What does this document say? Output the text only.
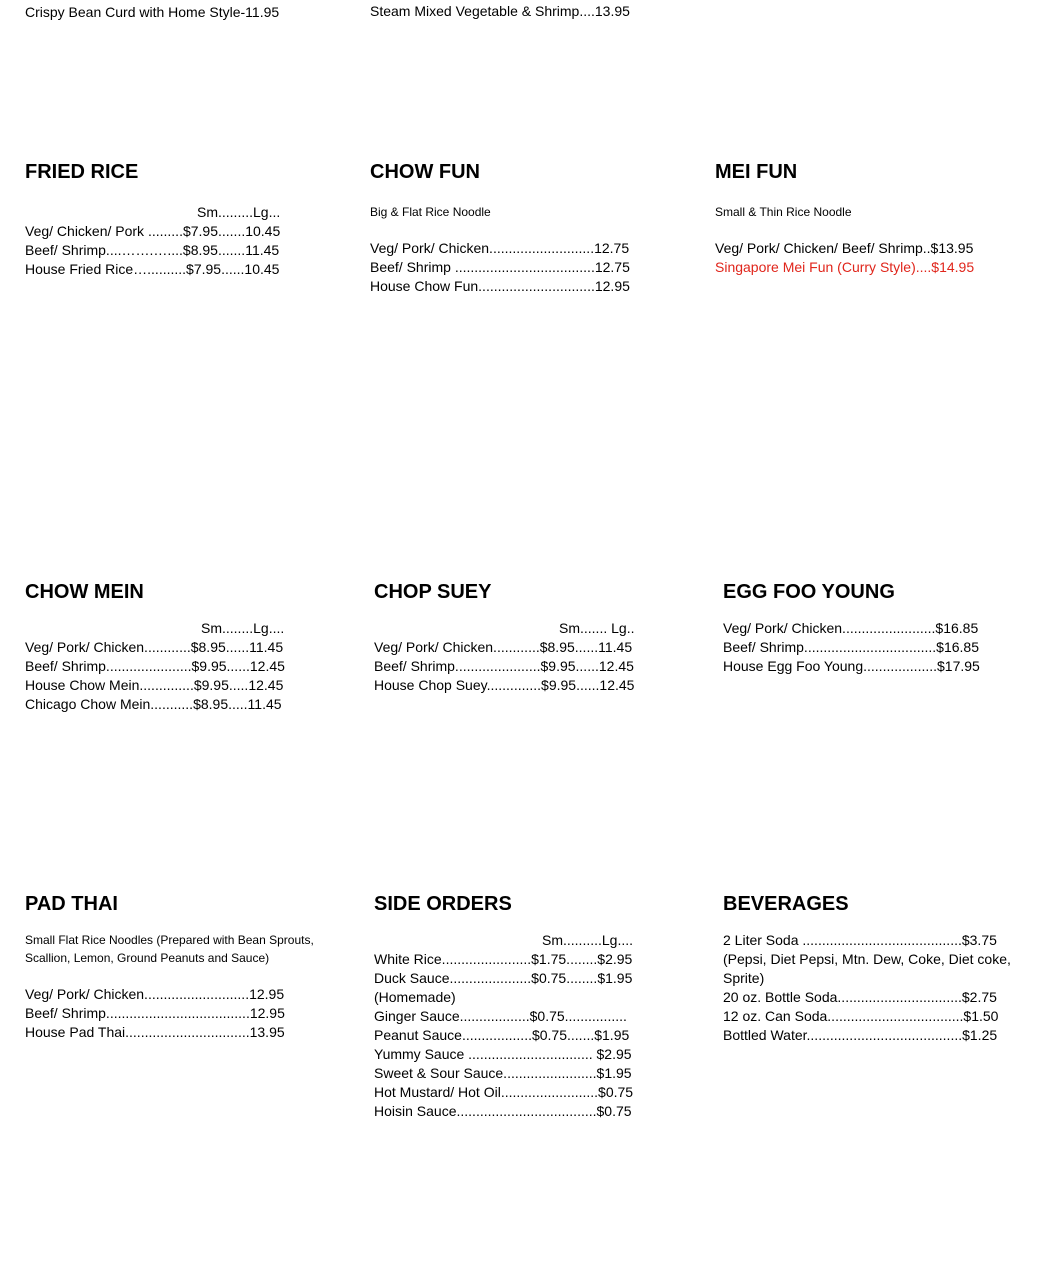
Crispy Bean Curd with Home Style-11.95	Steam Mixed Vegetable & Shrimp....13.95

FRIED RICE

Sm.........Lg...

Veg/ Chicken/ Pork .........$7.95.......10.45

Beef/ Shrimp....…….…....$8.95.......11.45

House Fried Rice…..........$7.95......10.45

CHOW FUN

Big & Flat Rice Noodle

Veg/ Pork/ Chicken...........................12.75

Beef/ Shrimp ....................................12.75

House Chow Fun..............................12.95

MEI FUN

Small & Thin Rice Noodle

Veg/ Pork/ Chicken/ Beef/ Shrimp..$13.95

Singapore Mei Fun (Curry Style)....$14.95

CHOW MEIN

Sm........Lg....

Veg/ Pork/ Chicken............$8.95......11.45

Beef/ Shrimp......................$9.95......12.45

House Chow Mein..............$9.95.....12.45

Chicago Chow Mein...........$8.95.....11.45

CHOP SUEY

Sm....... Lg..

Veg/ Pork/ Chicken............$8.95......11.45

Beef/ Shrimp......................$9.95......12.45

House Chop Suey..............$9.95......12.45

EGG FOO YOUNG

Veg/ Pork/ Chicken........................$16.85

Beef/ Shrimp..................................$16.85

House Egg Foo Young...................$17.95

PAD THAI

Small Flat Rice Noodles (Prepared with Bean Sprouts, Scallion, Lemon, Ground Peanuts and Sauce)

Veg/ Pork/ Chicken...........................12.95

Beef/ Shrimp.....................................12.95

House Pad Thai................................13.95

SIDE ORDERS

Sm..........Lg....

White Rice.......................$1.75........$2.95

Duck Sauce.....................$0.75........$1.95

(Homemade)

Ginger Sauce..................$0.75................

Peanut Sauce..................$0.75.......$1.95

Yummy Sauce ................................ $2.95

Sweet & Sour Sauce........................$1.95

Hot Mustard/ Hot Oil.........................$0.75

Hoisin Sauce....................................$0.75

BEVERAGES

2 Liter Soda .........................................$3.75

(Pepsi, Diet Pepsi, Mtn. Dew, Coke, Diet coke, Sprite)

20 oz. Bottle Soda................................$2.75

12 oz. Can Soda...................................$1.50

Bottled Water........................................$1.25
